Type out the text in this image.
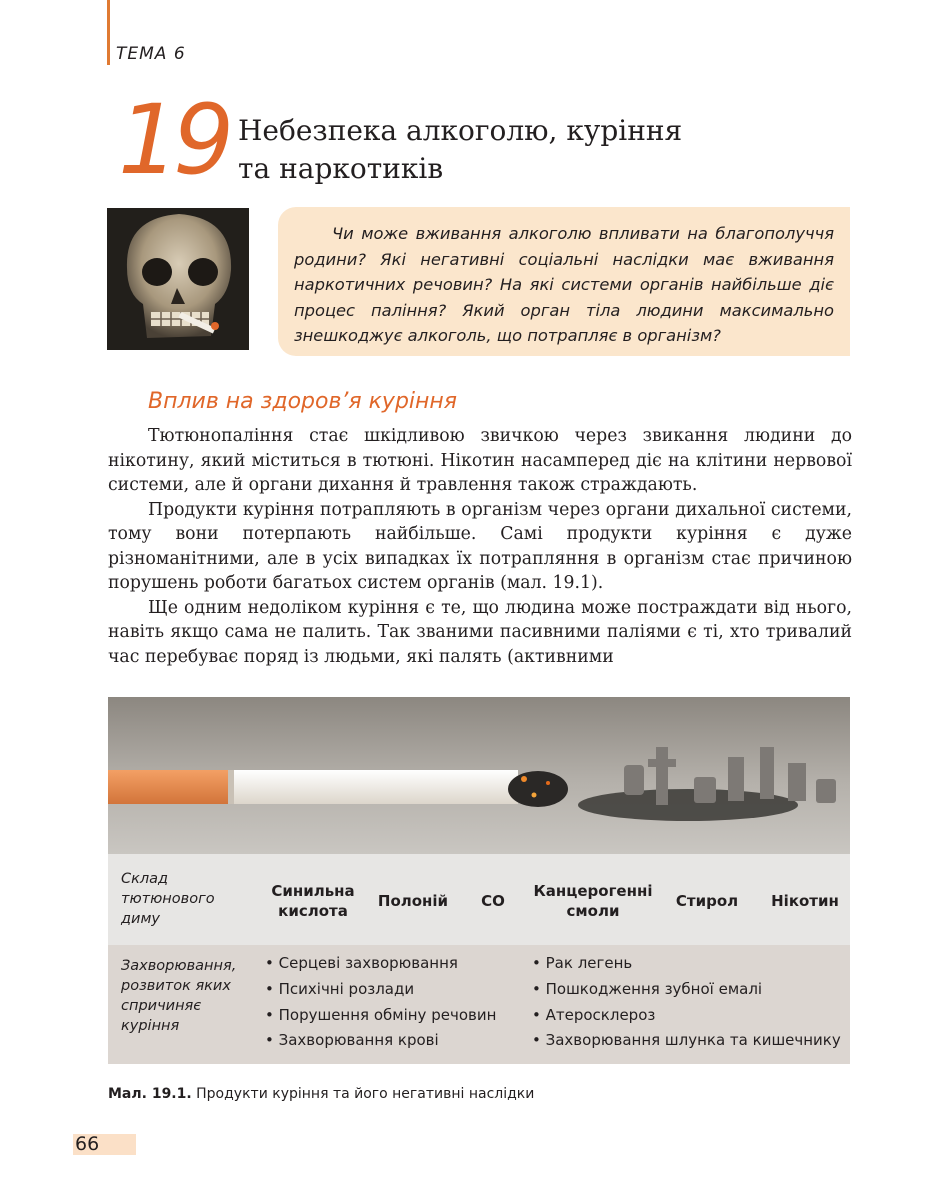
ТЕМА 6
19 Небезпека алкоголю, куріння
та наркотиків

Чи може вживання алкоголю впливати на благополуччя родини? Які негативні соціальні наслідки має вживання наркотичних речовин? На які системи органів найбільше діє процес паління? Який орган тіла людини максимально знешкоджує алкоголь, що потрапляє в організм?

Вплив на здоров’я куріння

Тютюнопаління стає шкідливою звичкою через звикання людини до нікотину, який міститься в тютюні. Нікотин насамперед діє на клітини нервової системи, але й органи дихання й травлення також страждають.

Продукти куріння потрапляють в організм через органи дихальної системи, тому вони потерпають найбільше. Самі продукти куріння є дуже різноманітними, але в усіх випадках їх потрапляння в організм стає причиною порушень роботи багатьох систем органів (мал. 19.1).

Ще одним недоліком куріння є те, що людина може постраждати від нього, навіть якщо сама не палить. Так званими пасивними паліями є ті, хто тривалий час перебуває поряд із людьми, які палять (активними

Склад
тютюнового
диму
Синильна
кислота
Полоній	CO
Канцерогенні
смоли
Стирол Нікотин
Захворювання,
розвиток яких
спричиняє
куріння
• Серцеві захворювання
• Психічні розлади
• Порушення обміну речовин
• Захворювання крові
• Рак легень
• Пошкодження зубної емалі
• Атеросклероз
• Захворювання шлунка та кишечнику
Мал. 19.1. Продукти куріння та його негативні наслідки
66
